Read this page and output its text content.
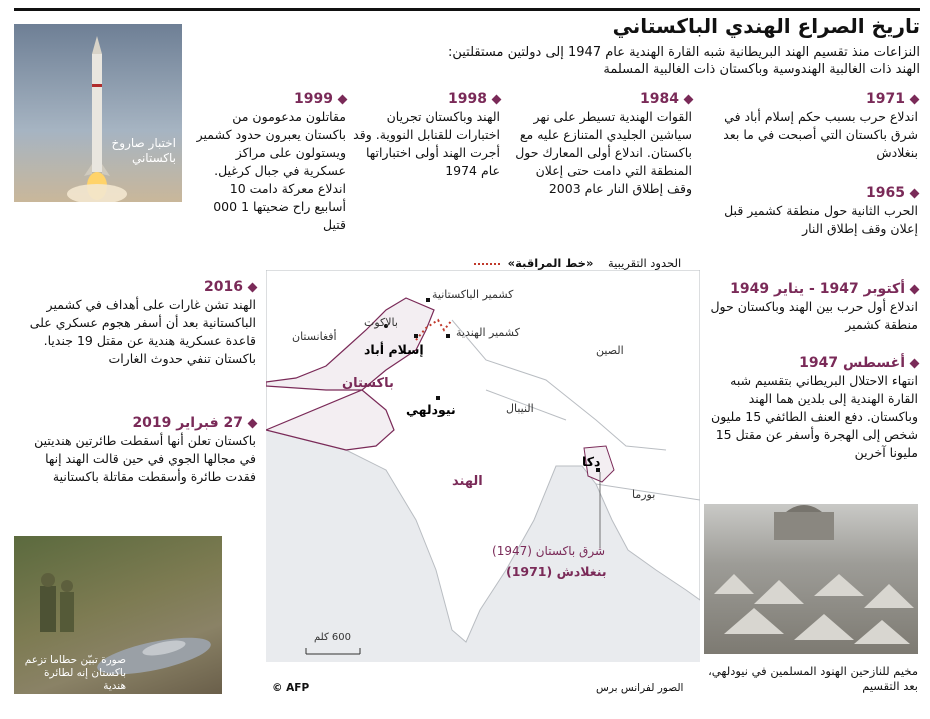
تاريخ الصراع الهندي الباكستاني
النزاعات منذ تقسيم الهند البريطانية شبه القارة الهندية عام 1947 إلى دولتين مستقلتين:
الهند ذات الغالبية الهندوسية وباكستان ذات الغالبية المسلمة
اختبار صاروخ باكستاني
1999
مقاتلون مدعومون من باكستان يعبرون حدود كشمير ويستولون على مراكز عسكرية في جبال كرغيل. اندلاع معركة دامت 10 أسابيع راح ضحيتها 1 000 قتيل
1998
الهند وباكستان تجريان اختبارات للقنابل النووية. وقد أجرت الهند أولى اختباراتها عام 1974
1984
القوات الهندية تسيطر على نهر سياشين الجليدي المتنازع عليه مع باكستان. اندلاع أولى المعارك حول المنطقة التي دامت حتى إعلان وقف إطلاق النار عام 2003
1971
اندلاع حرب بسبب حكم إسلام أباد في شرق باكستان التي أصبحت في ما بعد بنغلادش
1965
الحرب الثانية حول منطقة كشمير قبل إعلان وقف إطلاق النار
أكتوبر 1947 - يناير 1949
اندلاع أول حرب بين الهند وباكستان حول منطقة كشمير
أغسطس 1947
انتهاء الاحتلال البريطاني بتقسيم شبه القارة الهندية إلى بلدين هما الهند وباكستان. دفع العنف الطائفي 15 مليون شخص إلى الهجرة وأسفر عن مقتل 15 مليونا آخرين
2016
الهند تشن غارات على أهداف في كشمير الباكستانية بعد أن أسفر هجوم عسكري على قاعدة عسكرية هندية عن مقتل 19 جنديا. باكستان تنفي حدوث الغارات
27 فبراير 2019
باكستان تعلن أنها أسقطت طائرتين هنديتين في مجالها الجوي في حين قالت الهند إنها فقدت طائرة وأسقطت مقاتلة باكستانية
صورة تبيّن حطاما تزعم باكستان إنه لطائرة هندية
مخيم للنازحين الهنود المسلمين في نيودلهي، بعد التقسيم
الحدود التقريبية    «خط المراقبة»
أفغانستان
باكستان
الهند
الصين
النيبال
بورما
كشمير الباكستانية
كشمير الهندية
بالاكوت
إسلام أباد
نيودلهي
دكا
شرق باكستان (1947)
بنغلادش (1971)
600 كلم
© AFP	الصور لفرانس برس
